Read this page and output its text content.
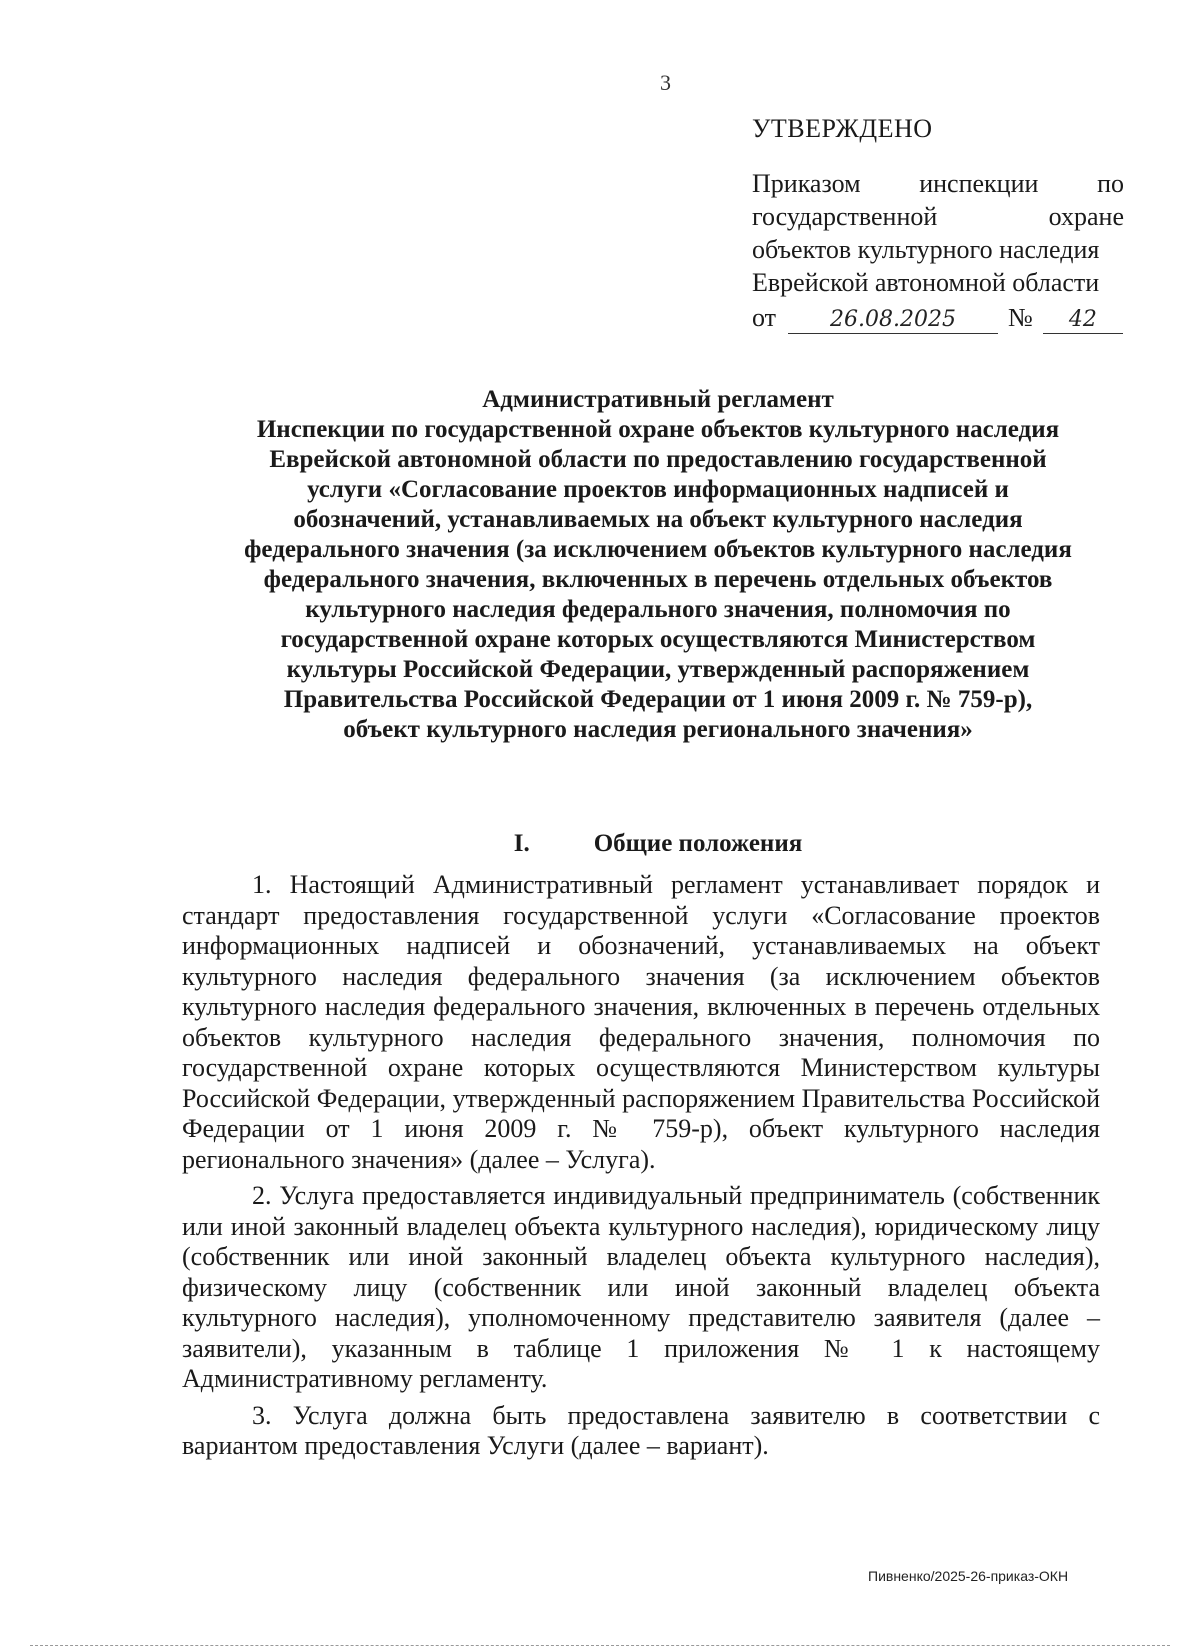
3
УТВЕРЖДЕНО
Приказом инспекции по
государственной охране
объектов культурного наследия
Еврейской автономной области
от	26.08.2025	№	42
Административный регламент
Инспекции по государственной охране объектов культурного наследия
Еврейской автономной области по предоставлению государственной
услуги «Согласование проектов информационных надписей и
обозначений, устанавливаемых на объект культурного наследия
федерального значения (за исключением объектов культурного наследия
федерального значения, включенных в перечень отдельных объектов
культурного наследия федерального значения, полномочия по
государственной охране которых осуществляются Министерством
культуры Российской Федерации, утвержденный распоряжением
Правительства Российской Федерации от 1 июня 2009 г. № 759-р),
объект культурного наследия регионального значения»
I.	Общие положения

1. Настоящий Административный регламент устанавливает порядок и стандарт предоставления государственной услуги «Согласование проектов информационных надписей и обозначений, устанавливаемых на объект культурного наследия федерального значения (за исключением объектов культурного наследия федерального значения, включенных в перечень отдельных объектов культурного наследия федерального значения, полномочия по государственной охране которых осуществляются Министерством культуры Российской Федерации, утвержденный распоряжением Правительства Российской Федерации от 1 июня 2009 г. № 759-р), объект культурного наследия регионального значения» (далее – Услуга).

2. Услуга предоставляется индивидуальный предприниматель (собственник или иной законный владелец объекта культурного наследия), юридическому лицу (собственник или иной законный владелец объекта культурного наследия), физическому лицу (собственник или иной законный владелец объекта культурного наследия), уполномоченному представителю заявителя (далее – заявители), указанным в таблице 1 приложения № 1 к настоящему Административному регламенту.

3. Услуга должна быть предоставлена заявителю в соответствии с вариантом предоставления Услуги (далее – вариант).

Пивненко/2025-26-приказ-ОКН
